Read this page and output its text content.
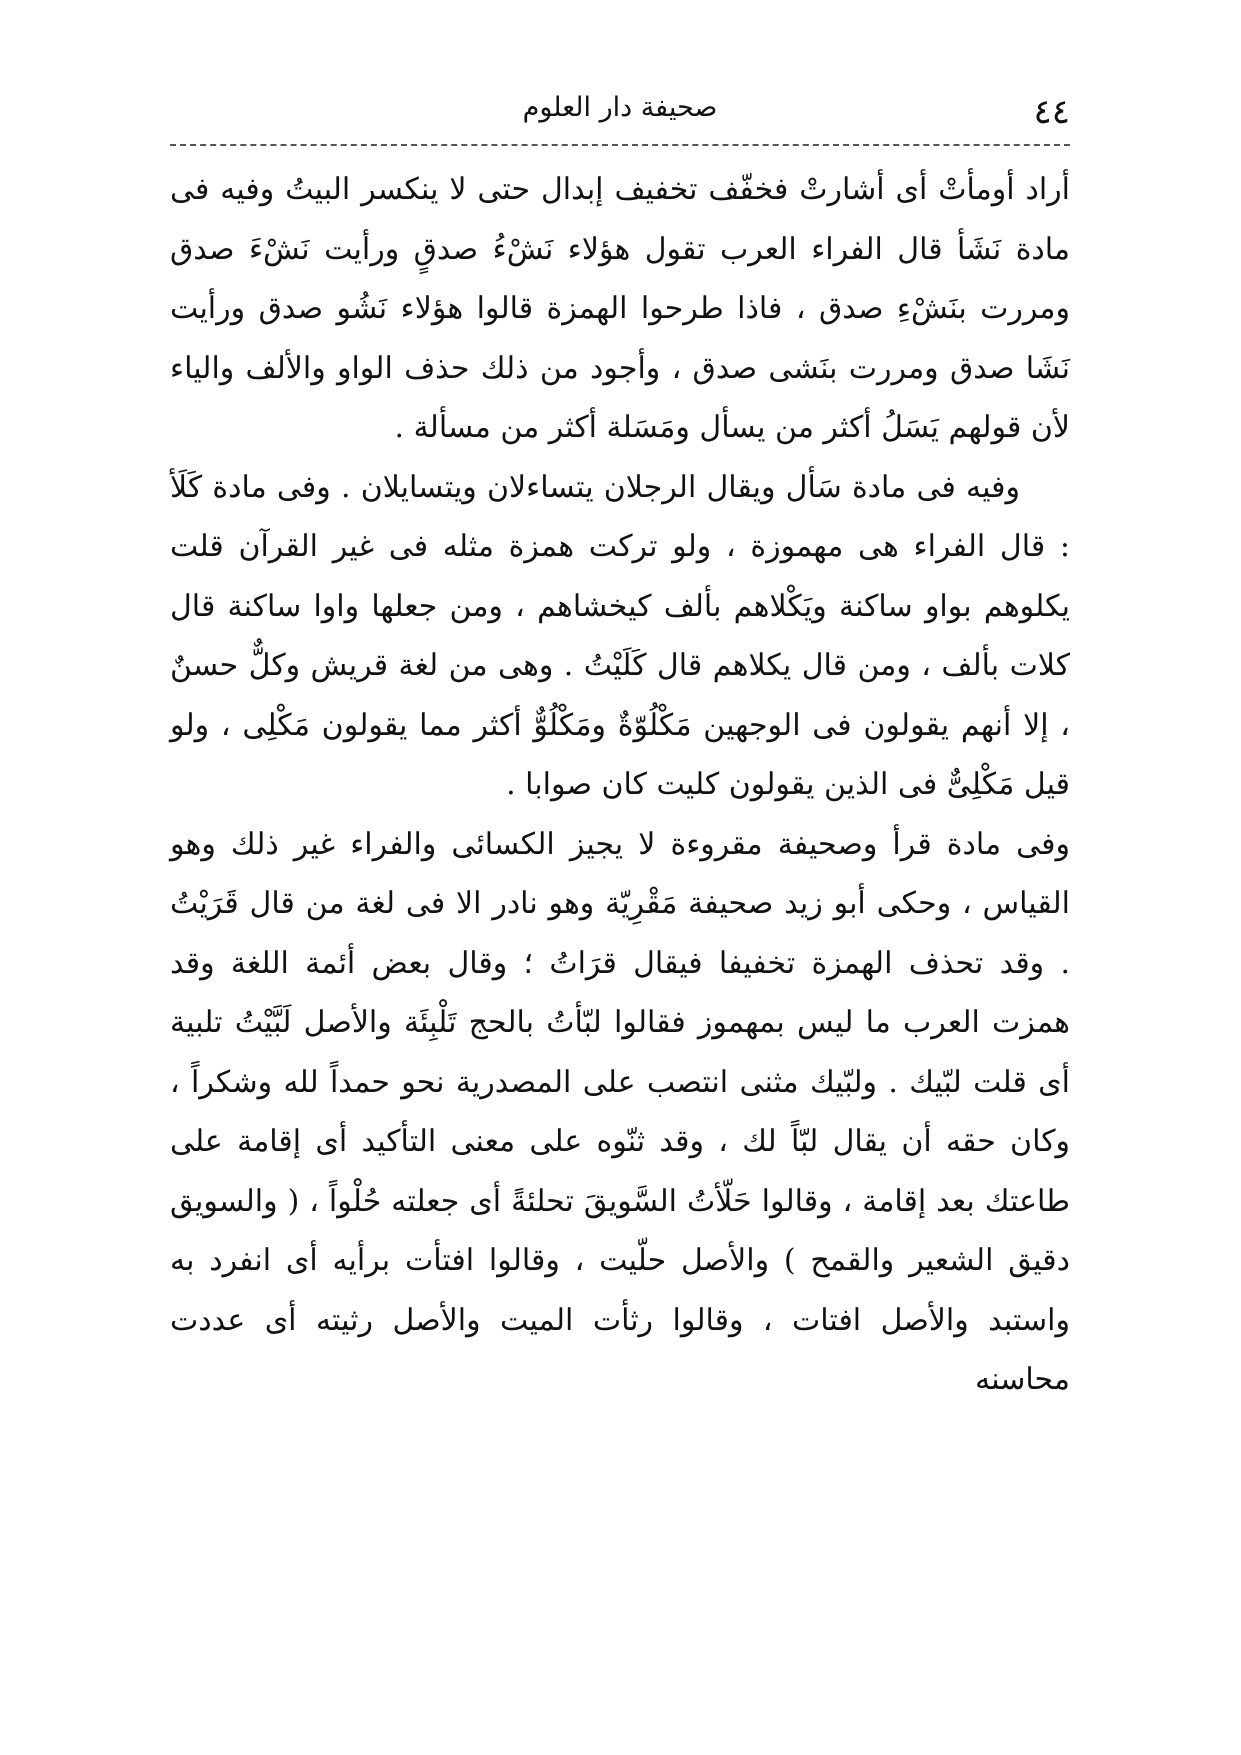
٤٤
صحيفة دار العلوم

أراد أومأتْ أى أشارتْ فخفّف تخفيف إبدال حتى لا ينكسر البيتُ وفيه فى مادة نَشَأ قال الفراء العرب تقول هؤلاء نَشْءُ صدقٍ ورأيت نَشْءَ صدق ومررت بنَشْءِ صدق ، فاذا طرحوا الهمزة قالوا هؤلاء نَشُو صدق ورأيت نَشَا صدق ومررت بنَشى صدق ، وأجود من ذلك حذف الواو والألف والياء لأن قولهم يَسَلُ أكثر من يسأل ومَسَلة أكثر من مسألة .

وفيه فى مادة سَأل ويقال الرجلان يتساءلان ويتسايلان . وفى مادة كَلَأ : قال الفراء هى مهموزة ، ولو تركت همزة مثله فى غير القرآن قلت يكلوهم بواو ساكنة ويَكْلاهم بألف كيخشاهم ، ومن جعلها واوا ساكنة قال كلات بألف ، ومن قال يكلاهم قال كَلَيْتُ . وهى من لغة قريش وكلٌّ حسنٌ ، إلا أنهم يقولون فى الوجهين مَكْلُوّةٌ ومَكْلُوٌّ أكثر مما يقولون مَكْلِى ، ولو قيل مَكْلِىٌّ فى الذين يقولون كليت كان صوابا .

وفى مادة قرأ وصحيفة مقروءة لا يجيز الكسائى والفراء غير ذلك وهو القياس ، وحكى أبو زيد صحيفة مَقْرِيّة وهو نادر الا فى لغة من قال قَرَيْتُ . وقد تحذف الهمزة تخفيفا فيقال قرَاتُ ؛ وقال بعض أئمة اللغة وقد همزت العرب ما ليس بمهموز فقالوا لبّأتُ بالحج تَلْبِئَة والأصل لَبَّيْتُ تلبية أى قلت لبّيك . ولبّيك مثنى انتصب على المصدرية نحو حمداً لله وشكراً ، وكان حقه أن يقال لبّاً لك ، وقد ثنّوه على معنى التأكيد أى إقامة على طاعتك بعد إقامة ، وقالوا حَلّأتُ السَّويقَ تحلئةً أى جعلته حُلْواً ، ( والسويق دقيق الشعير والقمح ) والأصل حلّيت ، وقالوا افتأت برأيه أى انفرد به واستبد والأصل افتات ، وقالوا رثأت الميت والأصل رثيته أى عددت محاسنه
